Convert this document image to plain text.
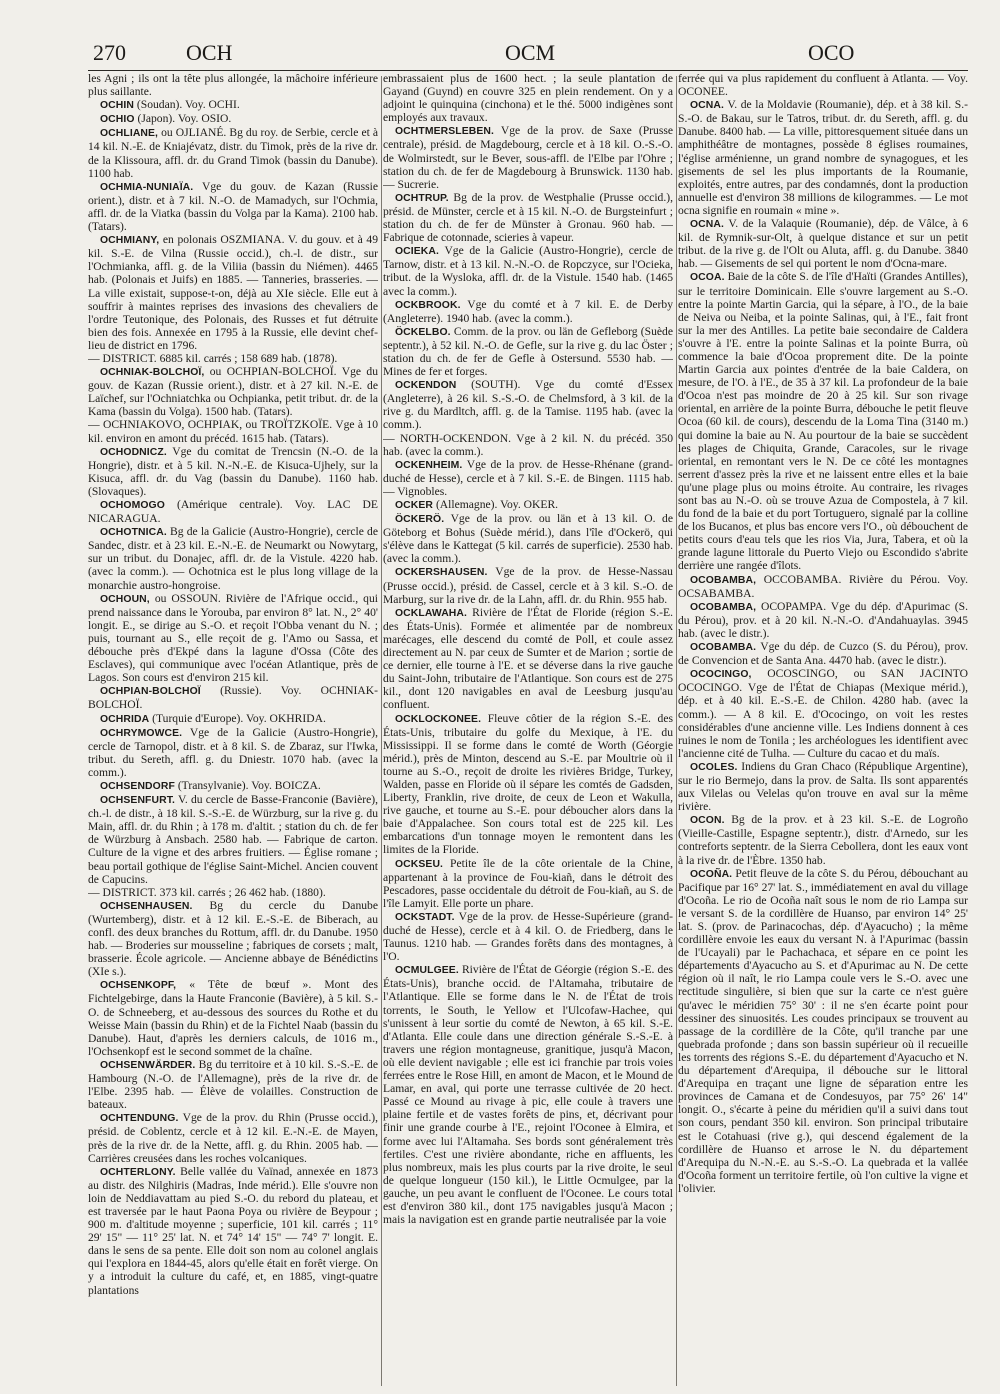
270	OCH	OCM	OCO

les Agni ; ils ont la tête plus allongée, la mâchoire inférieure plus saillante.

OCHIN (Soudan). Voy. OCHI.

OCHIO (Japon). Voy. OSIO.

OCHLIANE, ou OJLIANÉ. Bg du roy. de Serbie, cercle et à 14 kil. N.-E. de Kniajévatz, distr. du Timok, près de la rive dr. de la Klissoura, affl. dr. du Grand Timok (bassin du Danube). 1100 hab.

OCHMIA-NUNIAÏA. Vge du gouv. de Kazan (Russie orient.), distr. et à 7 kil. N.-O. de Mamadych, sur l'Ochmia, affl. dr. de la Viatka (bassin du Volga par la Kama). 2100 hab. (Tatars).

OCHMIANY, en polonais OSZMIANA. V. du gouv. et à 49 kil. S.-E. de Vilna (Russie occid.), ch.-l. de distr., sur l'Ochmianka, affl. g. de la Viliia (bassin du Niémen). 4465 hab. (Polonais et Juifs) en 1885. — Tanneries, brasseries. — La ville existait, suppose-t-on, déjà au XIe siècle. Elle eut à souffrir à maintes reprises des invasions des chevaliers de l'ordre Teutonique, des Polonais, des Russes et fut détruite bien des fois. Annexée en 1795 à la Russie, elle devint chef-lieu de district en 1796.

— DISTRICT. 6885 kil. carrés ; 158 689 hab. (1878).

OCHNIAK-BOLCHOÏ, ou OCHPIAN-BOLCHOÏ. Vge du gouv. de Kazan (Russie orient.), distr. et à 27 kil. N.-E. de Laïchef, sur l'Ochniatchka ou Ochpianka, petit tribut. dr. de la Kama (bassin du Volga). 1500 hab. (Tatars).

— OCHNIAKOVO, OCHPIAK, ou TROÏTZKOÏE. Vge à 10 kil. environ en amont du précéd. 1615 hab. (Tatars).

OCHODNICZ. Vge du comitat de Trencsin (N.-O. de la Hongrie), distr. et à 5 kil. N.-N.-E. de Kisuca-Ujhely, sur la Kisuca, affl. dr. du Vag (bassin du Danube). 1160 hab. (Slovaques).

OCHOMOGO (Amérique centrale). Voy. LAC DE NICARAGUA.

OCHOTNICA. Bg de la Galicie (Austro-Hongrie), cercle de Sandec, distr. et à 23 kil. E.-N.-E. de Neumarkt ou Nowytarg, sur un tribut. du Donajec, affl. dr. de la Vistule. 4220 hab. (avec la comm.). — Ochotnica est le plus long village de la monarchie austro-hongroise.

OCHOUN, ou OSSOUN. Rivière de l'Afrique occid., qui prend naissance dans le Yorouba, par environ 8° lat. N., 2° 40' longit. E., se dirige au S.-O. et reçoit l'Obba venant du N. ; puis, tournant au S., elle reçoit de g. l'Amo ou Sassa, et débouche près d'Ekpé dans la lagune d'Ossa (Côte des Esclaves), qui communique avec l'océan Atlantique, près de Lagos. Son cours est d'environ 215 kil.

OCHPIAN-BOLCHOÏ (Russie). Voy. OCHNIAK-BOLCHOÏ.

OCHRIDA (Turquie d'Europe). Voy. OKHRIDA.

OCHRYMOWCE. Vge de la Galicie (Austro-Hongrie), cercle de Tarnopol, distr. et à 8 kil. S. de Zbaraz, sur l'Iwka, tribut. du Sereth, affl. g. du Dniestr. 1070 hab. (avec la comm.).

OCHSENDORF (Transylvanie). Voy. BOICZA.

OCHSENFURT. V. du cercle de Basse-Franconie (Bavière), ch.-l. de distr., à 18 kil. S.-S.-E. de Würzburg, sur la rive g. du Main, affl. dr. du Rhin ; à 178 m. d'altit. ; station du ch. de fer de Würzburg à Ansbach. 2580 hab. — Fabrique de carton. Culture de la vigne et des arbres fruitiers. — Église romane ; beau portail gothique de l'église Saint-Michel. Ancien couvent de Capucins.

— DISTRICT. 373 kil. carrés ; 26 462 hab. (1880).

OCHSENHAUSEN. Bg du cercle du Danube (Wurtemberg), distr. et à 12 kil. E.-S.-E. de Biberach, au confl. des deux branches du Rottum, affl. dr. du Danube. 1950 hab. — Broderies sur mousseline ; fabriques de corsets ; malt, brasserie. École agricole. — Ancienne abbaye de Bénédictins (XIe s.).

OCHSENKOPF, « Tête de bœuf ». Mont des Fichtelgebirge, dans la Haute Franconie (Bavière), à 5 kil. S.-O. de Schneeberg, et au-dessous des sources du Rothe et du Weisse Main (bassin du Rhin) et de la Fichtel Naab (bassin du Danube). Haut, d'après les derniers calculs, de 1016 m., l'Ochsenkopf est le second sommet de la chaîne.

OCHSENWÄRDER. Bg du territoire et à 10 kil. S.-S.-E. de Hambourg (N.-O. de l'Allemagne), près de la rive dr. de l'Elbe. 2395 hab. — Élève de volailles. Construction de bateaux.

OCHTENDUNG. Vge de la prov. du Rhin (Prusse occid.), présid. de Coblentz, cercle et à 12 kil. E.-N.-E. de Mayen, près de la rive dr. de la Nette, affl. g. du Rhin. 2005 hab. — Carrières creusées dans les roches volcaniques.

OCHTERLONY. Belle vallée du Vaïnad, annexée en 1873 au distr. des Nilghiris (Madras, Inde mérid.). Elle s'ouvre non loin de Neddiavattam au pied S.-O. du rebord du plateau, et est traversée par le haut Paona Poya ou rivière de Beypour ; 900 m. d'altitude moyenne ; superficie, 101 kil. carrés ; 11° 29' 15" — 11° 25' lat. N. et 74° 14' 15" — 74° 7' longit. E. dans le sens de sa pente. Elle doit son nom au colonel anglais qui l'explora en 1844-45, alors qu'elle était en forêt vierge. On y a introduit la culture du café, et, en 1885, vingt-quatre plantations

embrassaient plus de 1600 hect. ; la seule plantation de Gayand (Guynd) en couvre 325 en plein rendement. On y a adjoint le quinquina (cinchona) et le thé. 5000 indigènes sont employés aux travaux.

OCHTMERSLEBEN. Vge de la prov. de Saxe (Prusse centrale), présid. de Magdebourg, cercle et à 18 kil. O.-S.-O. de Wolmirstedt, sur le Bever, sous-affl. de l'Elbe par l'Ohre ; station du ch. de fer de Magdebourg à Brunswick. 1130 hab. — Sucrerie.

OCHTRUP. Bg de la prov. de Westphalie (Prusse occid.), présid. de Münster, cercle et à 15 kil. N.-O. de Burgsteinfurt ; station du ch. de fer de Münster à Gronau. 960 hab. — Fabrique de cotonnade, scieries à vapeur.

OCIEKA. Vge de la Galicie (Austro-Hongrie), cercle de Tarnow, distr. et à 13 kil. N.-N.-O. de Ropczyce, sur l'Ocieka, tribut. de la Wysloka, affl. dr. de la Vistule. 1540 hab. (1465 avec la comm.).

OCKBROOK. Vge du comté et à 7 kil. E. de Derby (Angleterre). 1940 hab. (avec la comm.).

ÖCKELBO. Comm. de la prov. ou län de Gefleborg (Suède septentr.), à 52 kil. N.-O. de Gefle, sur la rive g. du lac Öster ; station du ch. de fer de Gefle à Ostersund. 5530 hab. — Mines de fer et forges.

OCKENDON (SOUTH). Vge du comté d'Essex (Angleterre), à 26 kil. S.-S.-O. de Chelmsford, à 3 kil. de la rive g. du Mardltch, affl. g. de la Tamise. 1195 hab. (avec la comm.).

— NORTH-OCKENDON. Vge à 2 kil. N. du précéd. 350 hab. (avec la comm.).

OCKENHEIM. Vge de la prov. de Hesse-Rhénane (grand-duché de Hesse), cercle et à 7 kil. S.-E. de Bingen. 1115 hab. — Vignobles.

OCKER (Allemagne). Voy. OKER.

ÖCKERÖ. Vge de la prov. ou län et à 13 kil. O. de Göteborg et Bohus (Suède mérid.), dans l'île d'Ockerö, qui s'élève dans le Kattegat (5 kil. carrés de superficie). 2530 hab. (avec la comm.).

OCKERSHAUSEN. Vge de la prov. de Hesse-Nassau (Prusse occid.), présid. de Cassel, cercle et à 3 kil. S.-O. de Marburg, sur la rive dr. de la Lahn, affl. dr. du Rhin. 955 hab.

OCKLAWAHA. Rivière de l'État de Floride (région S.-E. des États-Unis). Formée et alimentée par de nombreux marécages, elle descend du comté de Poll, et coule assez directement au N. par ceux de Sumter et de Marion ; sortie de ce dernier, elle tourne à l'E. et se déverse dans la rive gauche du Saint-John, tributaire de l'Atlantique. Son cours est de 275 kil., dont 120 navigables en aval de Leesburg jusqu'au confluent.

OCKLOCKONEE. Fleuve côtier de la région S.-E. des États-Unis, tributaire du golfe du Mexique, à l'E. du Mississippi. Il se forme dans le comté de Worth (Géorgie mérid.), près de Minton, descend au S.-E. par Moultrie où il tourne au S.-O., reçoit de droite les rivières Bridge, Turkey, Walden, passe en Floride où il sépare les comtés de Gadsden, Liberty, Franklin, rive droite, de ceux de Leon et Wakulla, rive gauche, et tourne au S.-E. pour déboucher alors dans la baie d'Appalachee. Son cours total est de 225 kil. Les embarcations d'un tonnage moyen le remontent dans les limites de la Floride.

OCKSEU. Petite île de la côte orientale de la Chine, appartenant à la province de Fou-kiañ, dans le détroit des Pescadores, passe occidentale du détroit de Fou-kiañ, au S. de l'île Lamyit. Elle porte un phare.

OCKSTADT. Vge de la prov. de Hesse-Supérieure (grand-duché de Hesse), cercle et à 4 kil. O. de Friedberg, dans le Taunus. 1210 hab. — Grandes forêts dans des montagnes, à l'O.

OCMULGEE. Rivière de l'État de Géorgie (région S.-E. des États-Unis), branche occid. de l'Altamaha, tributaire de l'Atlantique. Elle se forme dans le N. de l'État de trois torrents, le South, le Yellow et l'Ulcofaw-Hachee, qui s'unissent à leur sortie du comté de Newton, à 65 kil. S.-E. d'Atlanta. Elle coule dans une direction générale S.-S.-E. à travers une région montagneuse, granitique, jusqu'à Macon, où elle devient navigable ; elle est ici franchie par trois voies ferrées entre le Rose Hill, en amont de Macon, et le Mound de Lamar, en aval, qui porte une terrasse cultivée de 20 hect. Passé ce Mound au rivage à pic, elle coule à travers une plaine fertile et de vastes forêts de pins, et, décrivant pour finir une grande courbe à l'E., rejoint l'Oconee à Elmira, et forme avec lui l'Altamaha. Ses bords sont généralement très fertiles. C'est une rivière abondante, riche en affluents, les plus nombreux, mais les plus courts par la rive droite, le seul de quelque longueur (150 kil.), le Little Ocmulgee, par la gauche, un peu avant le confluent de l'Oconee. Le cours total est d'environ 380 kil., dont 175 navigables jusqu'à Macon ; mais la navigation est en grande partie neutralisée par la voie

ferrée qui va plus rapidement du confluent à Atlanta. — Voy. OCONEE.

OCNA. V. de la Moldavie (Roumanie), dép. et à 38 kil. S.-S.-O. de Bakau, sur le Tatros, tribut. dr. du Sereth, affl. g. du Danube. 8400 hab. — La ville, pittoresquement située dans un amphithéâtre de montagnes, possède 8 églises roumaines, l'église arménienne, un grand nombre de synagogues, et les gisements de sel les plus importants de la Roumanie, exploités, entre autres, par des condamnés, dont la production annuelle est d'environ 38 millions de kilogrammes. — Le mot ocna signifie en roumain « mine ».

OCNA. V. de la Valaquie (Roumanie), dép. de Vâlce, à 6 kil. de Rymnik-sur-Olt, à quelque distance et sur un petit tribut. de la rive g. de l'Olt ou Aluta, affl. g. du Danube. 3840 hab. — Gisements de sel qui portent le nom d'Ocna-mare.

OCOA. Baie de la côte S. de l'île d'Haïti (Grandes Antilles), sur le territoire Dominicain. Elle s'ouvre largement au S.-O. entre la pointe Martin Garcia, qui la sépare, à l'O., de la baie de Neiva ou Neiba, et la pointe Salinas, qui, à l'E., fait front sur la mer des Antilles. La petite baie secondaire de Caldera s'ouvre à l'E. entre la pointe Salinas et la pointe Burra, où commence la baie d'Ocoa proprement dite. De la pointe Martin Garcia aux pointes d'entrée de la baie Caldera, on mesure, de l'O. à l'E., de 35 à 37 kil. La profondeur de la baie d'Ocoa n'est pas moindre de 20 à 25 kil. Sur son rivage oriental, en arrière de la pointe Burra, débouche le petit fleuve Ocoa (60 kil. de cours), descendu de la Loma Tina (3140 m.) qui domine la baie au N. Au pourtour de la baie se succèdent les plages de Chiquita, Grande, Caracoles, sur le rivage oriental, en remontant vers le N. De ce côté les montagnes serrent d'assez près la rive et ne laissent entre elles et la baie qu'une plage plus ou moins étroite. Au contraire, les rivages sont bas au N.-O. où se trouve Azua de Compostela, à 7 kil. du fond de la baie et du port Tortuguero, signalé par la colline de los Bucanos, et plus bas encore vers l'O., où débouchent de petits cours d'eau tels que les rios Via, Jura, Tabera, et où la grande lagune littorale du Puerto Viejo ou Escondido s'abrite derrière une rangée d'îlots.

OCOBAMBA, OCCOBAMBA. Rivière du Pérou. Voy. OCSABAMBA.

OCOBAMBA, OCOPAMPA. Vge du dép. d'Apurimac (S. du Pérou), prov. et à 20 kil. N.-N.-O. d'Andahuaylas. 3945 hab. (avec le distr.).

OCOBAMBA. Vge du dép. de Cuzco (S. du Pérou), prov. de Convencion et de Santa Ana. 4470 hab. (avec le distr.).

OCOCINGO, OCOSCINGO, ou SAN JACINTO OCOCINGO. Vge de l'État de Chiapas (Mexique mérid.), dép. et à 40 kil. E.-S.-E. de Chilon. 4280 hab. (avec la comm.). — A 8 kil. E. d'Ococingo, on voit les restes considérables d'une ancienne ville. Les Indiens donnent à ces ruines le nom de Tonila ; les archéologues les identifient avec l'ancienne cité de Tulha. — Culture du cacao et du maïs.

OCOLES. Indiens du Gran Chaco (République Argentine), sur le rio Bermejo, dans la prov. de Salta. Ils sont apparentés aux Vilelas ou Velelas qu'on trouve en aval sur la même rivière.

OCON. Bg de la prov. et à 23 kil. S.-E. de Logroño (Vieille-Castille, Espagne septentr.), distr. d'Arnedo, sur les contreforts septentr. de la Sierra Cebollera, dont les eaux vont à la rive dr. de l'Èbre. 1350 hab.

OCOÑA. Petit fleuve de la côte S. du Pérou, débouchant au Pacifique par 16° 27' lat. S., immédiatement en aval du village d'Ocoña. Le rio de Ocoña naît sous le nom de rio Lampa sur le versant S. de la cordillère de Huanso, par environ 14° 25' lat. S. (prov. de Parinacochas, dép. d'Ayacucho) ; la même cordillère envoie les eaux du versant N. à l'Apurimac (bassin de l'Ucayali) par le Pachachaca, et sépare en ce point les départements d'Ayacucho au S. et d'Apurimac au N. De cette région où il naît, le rio Lampa coule vers le S.-O. avec une rectitude singulière, si bien que sur la carte ce n'est guère qu'avec le méridien 75° 30' : il ne s'en écarte point pour dessiner des sinuosités. Les coudes principaux se trouvent au passage de la cordillère de la Côte, qu'il tranche par une quebrada profonde ; dans son bassin supérieur où il recueille les torrents des régions S.-E. du département d'Ayacucho et N. du département d'Arequipa, il débouche sur le littoral d'Arequipa en traçant une ligne de séparation entre les provinces de Camana et de Condesuyos, par 75° 26' 14" longit. O., s'écarte à peine du méridien qu'il a suivi dans tout son cours, pendant 350 kil. environ. Son principal tributaire est le Cotahuasi (rive g.), qui descend également de la cordillère de Huanso et arrose le N. du département d'Arequipa du N.-N.-E. au S.-S.-O. La quebrada et la vallée d'Ocoña forment un territoire fertile, où l'on cultive la vigne et l'olivier.
